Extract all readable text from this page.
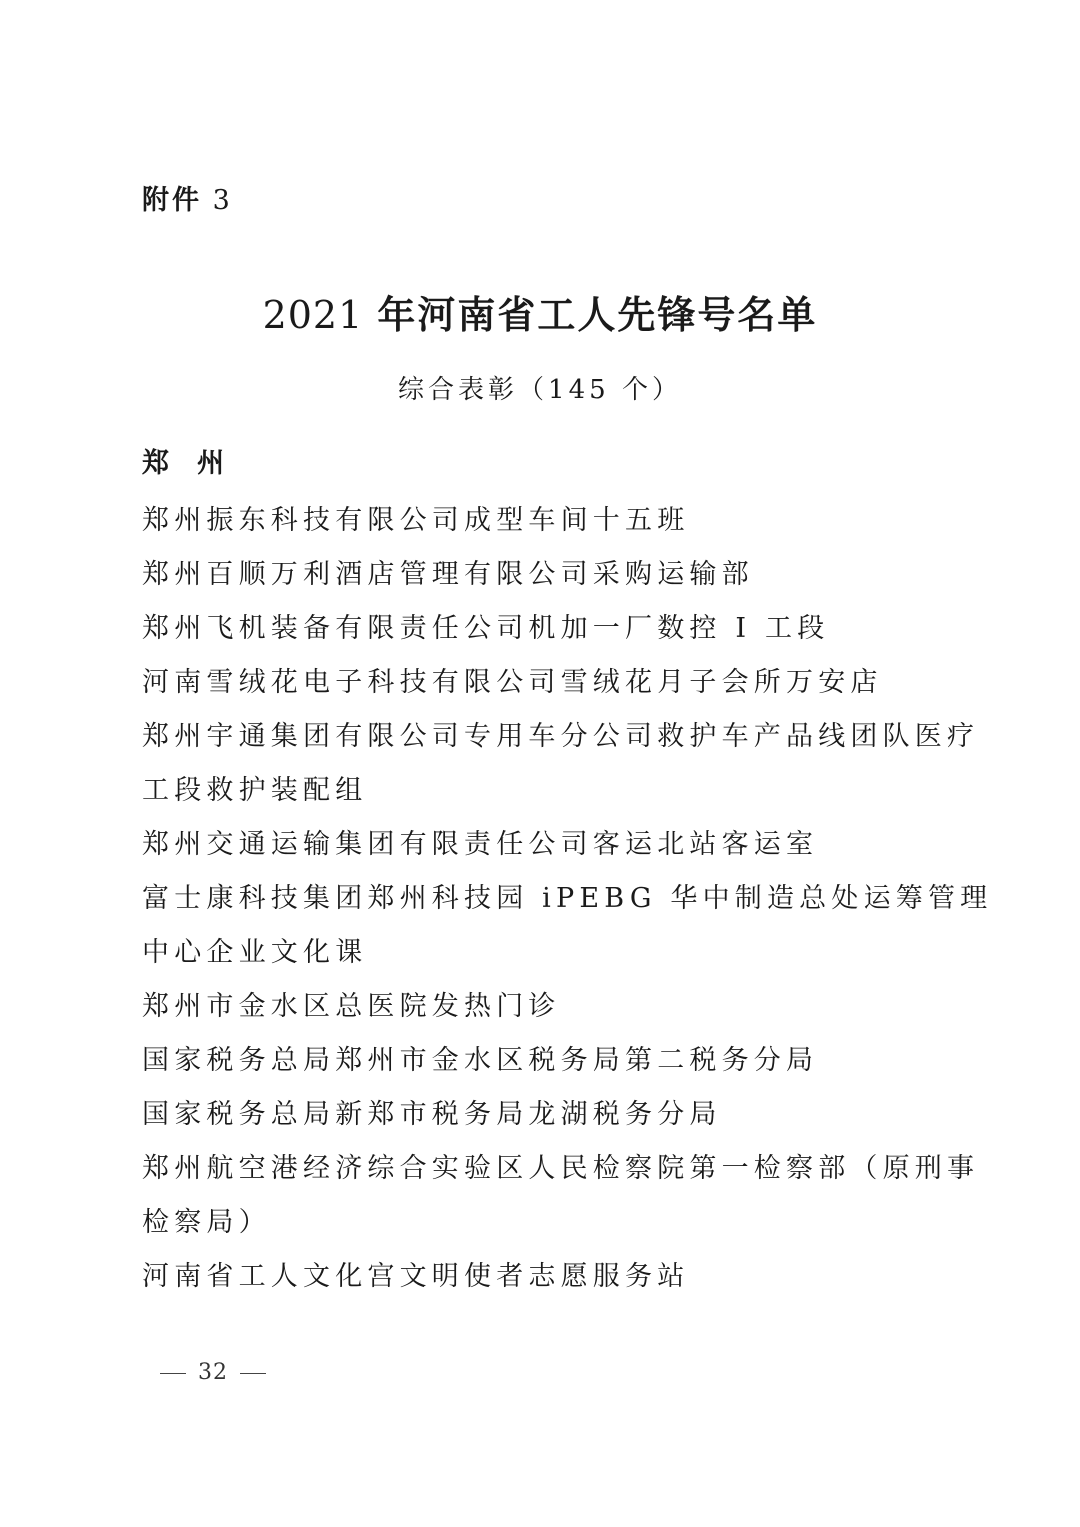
附件 3
2021 年河南省工人先锋号名单
综合表彰（145 个）
郑州
郑州振东科技有限公司成型车间十五班
郑州百顺万利酒店管理有限公司采购运输部
郑州飞机装备有限责任公司机加一厂数控 I 工段
河南雪绒花电子科技有限公司雪绒花月子会所万安店
郑州宇通集团有限公司专用车分公司救护车产品线团队医疗
工段救护装配组
郑州交通运输集团有限责任公司客运北站客运室
富士康科技集团郑州科技园 iPEBG 华中制造总处运筹管理
中心企业文化课
郑州市金水区总医院发热门诊
国家税务总局郑州市金水区税务局第二税务分局
国家税务总局新郑市税务局龙湖税务分局
郑州航空港经济综合实验区人民检察院第一检察部（原刑事
检察局）
河南省工人文化宫文明使者志愿服务站
32
